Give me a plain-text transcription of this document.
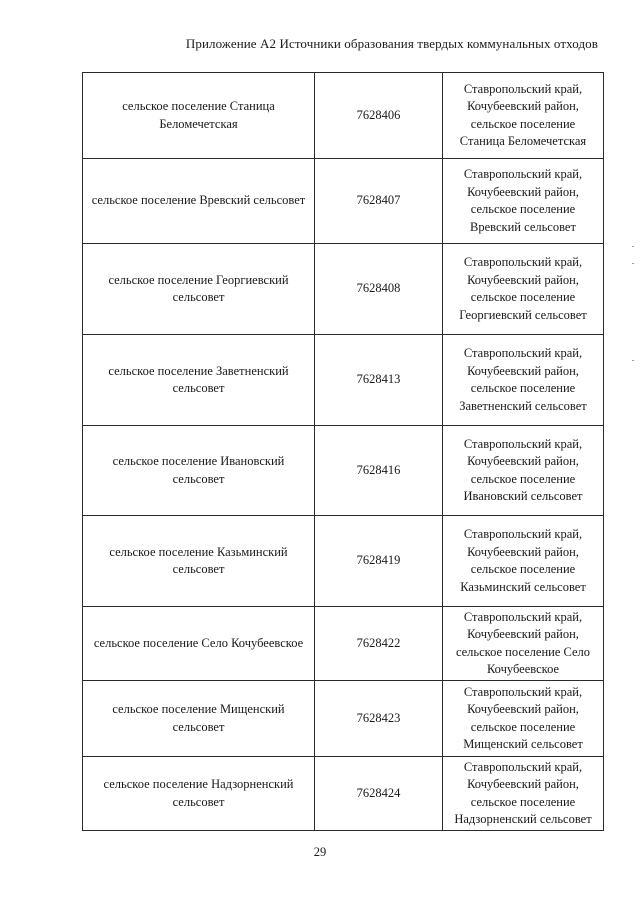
Приложение А2 Источники образования твердых коммунальных отходов
сельское поселение Станица Беломечетская	7628406	Ставропольский край, Кочубеевский район, сельское поселение Станица Беломечетская
сельское поселение Вревский сельсовет	7628407	Ставропольский край, Кочубеевский район, сельское поселение Вревский сельсовет
сельское поселение Георгиевский сельсовет	7628408	Ставропольский край, Кочубеевский район, сельское поселение Георгиевский сельсовет
сельское поселение Заветненский сельсовет	7628413	Ставропольский край, Кочубеевский район, сельское поселение Заветненский сельсовет
сельское поселение Ивановский сельсовет	7628416	Ставропольский край, Кочубеевский район, сельское поселение Ивановский сельсовет
сельское поселение Казьминский сельсовет	7628419	Ставропольский край, Кочубеевский район, сельское поселение Казьминский сельсовет
сельское поселение Село Кочубеевское	7628422	Ставропольский край, Кочубеевский район, сельское поселение Село Кочубеевское
сельское поселение Мищенский сельсовет	7628423	Ставропольский край, Кочубеевский район, сельское поселение Мищенский сельсовет
сельское поселение Надзорненский сельсовет	7628424	Ставропольский край, Кочубеевский район, сельское поселение Надзорненский сельсовет
29
